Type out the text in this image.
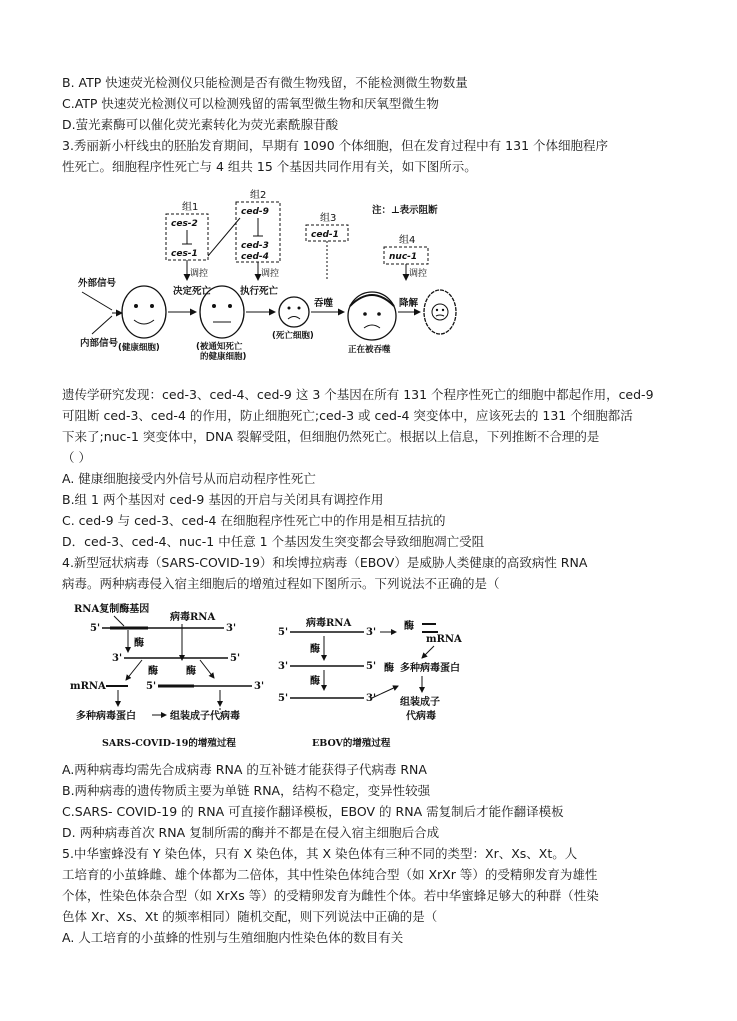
B. ATP 快速荧光检测仪只能检测是否有微生物残留，不能检测微生物数量
C.ATP 快速荧光检测仪可以检测残留的需氧型微生物和厌氧型微生物
D.萤光素酶可以催化荧光素转化为荧光素酰腺苷酸
3.秀丽新小杆线虫的胚胎发育期间，早期有 1090 个体细胞，但在发育过程中有 131 个体细胞程序
性死亡。细胞程序性死亡与 4 组共 15 个基因共同作用有关，如下图所示。
组1
组2
组3
组4
注：⊥表示阻断
ces-2
ces-1
ced-9
ced-3
ced-4
ced-1
nuc-1
调控	调控	调控
外部信号
内部信号
决定死亡	执行死亡
吞噬	降解
(健康细胞)	(被通知死亡
的健康细胞)
(死亡细胞)
正在被吞噬
遗传学研究发现：ced-3、ced-4、ced-9 这 3 个基因在所有 131 个程序性死亡的细胞中都起作用，ced-9
可阻断 ced-3、ced-4 的作用，防止细胞死亡;ced-3 或 ced-4 突变体中，应该死去的 131 个细胞都活
下来了;nuc-1 突变体中，DNA 裂解受阻，但细胞仍然死亡。根据以上信息，下列推断不合理的是
（ ）
A. 健康细胞接受内外信号从而启动程序性死亡
B.组 1 两个基因对 ced-9 基因的开启与关闭具有调控作用
C. ced-9 与 ced-3、ced-4 在细胞程序性死亡中的作用是相互拮抗的
D．ced-3、ced-4、nuc-1 中任意 1 个基因发生突变都会导致细胞凋亡受阻
4.新型冠状病毒（SARS-COVID-19）和埃博拉病毒（EBOV）是威胁人类健康的高致病性 RNA
病毒。两种病毒侵入宿主细胞后的增殖过程如下图所示。下列说法不正确的是（
RNA复制酶基因
病毒RNA
5'	3'
酶
3'	5'
酶	酶
mRNA	5'	3'
多种病毒蛋白	组装成子代病毒
SARS-COVID-19的增殖过程
5'
病毒RNA
3'
酶
mRNA
酶
3'	5' 酶 多种病毒蛋白
酶
5'	3' 组装成子
代病毒
EBOV的增殖过程
A.两种病毒均需先合成病毒 RNA 的互补链才能获得子代病毒 RNA
B.两种病毒的遗传物质主要为单链 RNA，结构不稳定，变异性较强
C.SARS- COVID-19 的 RNA 可直接作翻译模板，EBOV 的 RNA 需复制后才能作翻译模板
D. 两种病毒首次 RNA 复制所需的酶并不都是在侵入宿主细胞后合成
5.中华蜜蜂没有 Y 染色体，只有 X 染色体，其 X 染色体有三种不同的类型：Xr、Xs、Xt。人
工培育的小茧蜂雌、雄个体都为二倍体，其中性染色体纯合型（如 XrXr 等）的受精卵发育为雄性
个体，性染色体杂合型（如 XrXs 等）的受精卵发育为雌性个体。若中华蜜蜂足够大的种群（性染
色体 Xr、Xs、Xt 的频率相同）随机交配，则下列说法中正确的是（
A. 人工培育的小茧蜂的性别与生殖细胞内性染色体的数目有关
